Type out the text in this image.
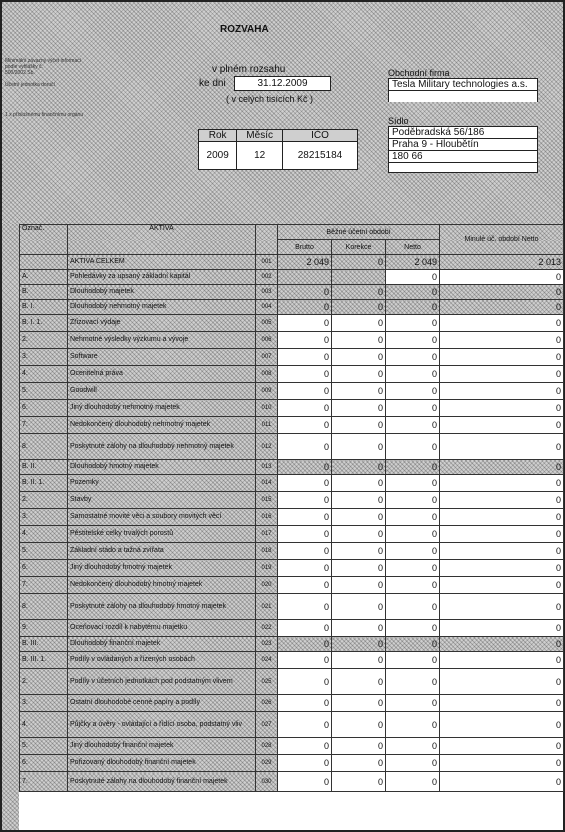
Minimální závazný výčet informací
podle vyhlášky č.
500/2002 Sb.
Účetní jednotka doručí
1 x příslušnému finančnímu orgánu
ROZVAHA
v plném rozsahu
ke dni	31.12.2009
( v celých tisících Kč )
Rok	Měsíc	IČO
2009	12	28215184
Obchodní firma
Tesla Military technologies a.s.
Sídlo
Poděbradská 56/186
Praha 9 - Hloubětín
180 66
Označ.	AKTIVA		Běžné účetní období			Minulé úč. období Netto
			Brutto	Korekce	Netto	
	AKTIVA CELKEM	001	2 049	0	2 049	2 013
A.	Pohledávky za upsaný základní kapitál	002			0	0
B.	Dlouhodobý majetek	003	0	0	0	0
B. I.	Dlouhodobý nehmotný majetek	004	0	0	0	0
B. I. 1.	Zřizovací výdaje	005	0	0	0	0
2.	Nehmotné výsledky výzkumu a vývoje	006	0	0	0	0
3.	Software	007	0	0	0	0
4.	Ocenitelná práva	008	0	0	0	0
5.	Goodwill	009	0	0	0	0
6.	Jiný dlouhodobý nehmotný majetek	010	0	0	0	0
7.	Nedokončený dlouhodobý nehmotný majetek	011	0	0	0	0
8.	Poskytnuté zálohy na dlouhodobý nehmotný majetek	012	0	0	0	0
B. II.	Dlouhodobý hmotný majetek	013	0	0	0	0
B. II. 1.	Pozemky	014	0	0	0	0
2.	Stavby	015	0	0	0	0
3.	Samostatné movité věci a soubory movitých věcí	016	0	0	0	0
4.	Pěstitelské celky trvalých porostů	017	0	0	0	0
5.	Základní stádo a tažná zvířata	018	0	0	0	0
6.	Jiný dlouhodobý hmotný majetek	019	0	0	0	0
7.	Nedokončený dlouhodobý hmotný majetek	020	0	0	0	0
8.	Poskytnuté zálohy na dlouhodobý hmotný majetek	021	0	0	0	0
9.	Oceňovací rozdíl k nabytému majetku	022	0	0	0	0
B. III.	Dlouhodobý finanční majetek	023	0	0	0	0
B. III. 1.	Podíly v ovládaných a řízených osobách	024	0	0	0	0
2.	Podíly v účetních jednotkách pod podstatným vlivem	025	0	0	0	0
3.	Ostatní dlouhodobé cenné papíry a podíly	026	0	0	0	0
4.	Půjčky a úvěry - ovládající a řídící osoba, podstatný vliv	027	0	0	0	0
5.	Jiný dlouhodobý finanční majetek	028	0	0	0	0
6.	Pořizovaný dlouhodobý finanční majetek	029	0	0	0	0
7.	Poskytnuté zálohy na dlouhodobý finanční majetek	030	0	0	0	0
